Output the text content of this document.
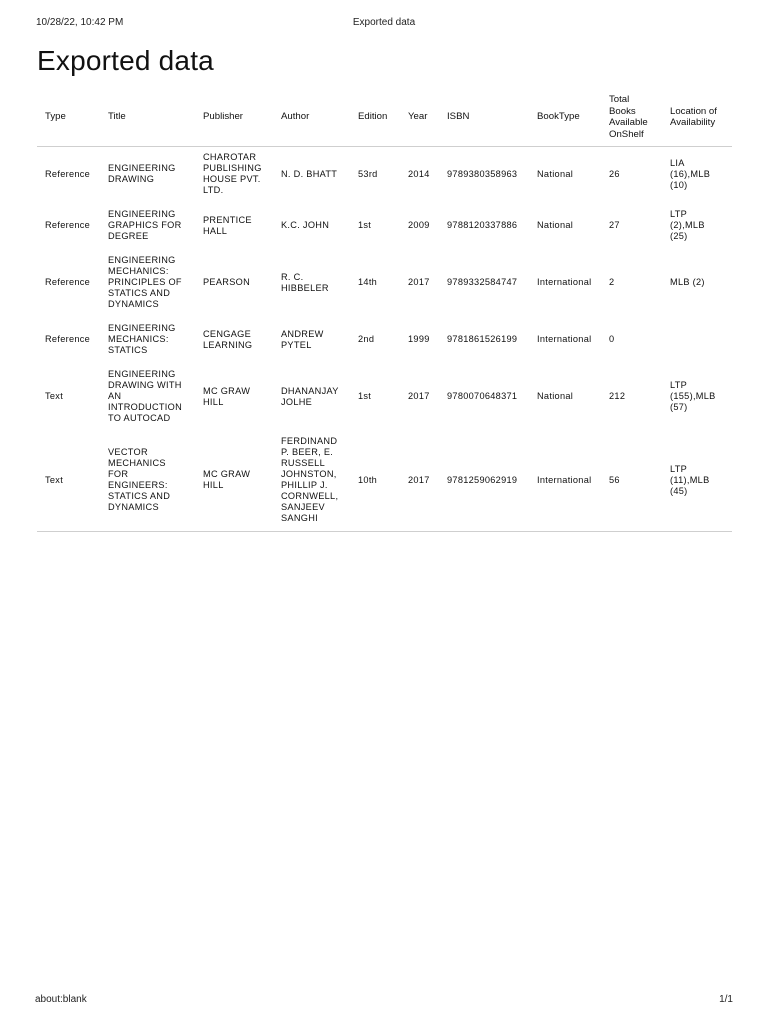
10/28/22, 10:42 PM	Exported data
Exported data
Type	Title	Publisher	Author	Edition	Year	ISBN	BookType	Total Books Available OnShelf	Location of Availability
Reference	ENGINEERING DRAWING	CHAROTAR PUBLISHING HOUSE PVT. LTD.	N. D. BHATT	53rd	2014	9789380358963	National	26	LIA (16),MLB (10)
Reference	ENGINEERING GRAPHICS FOR DEGREE	PRENTICE HALL	K.C. JOHN	1st	2009	9788120337886	National	27	LTP (2),MLB (25)
Reference	ENGINEERING MECHANICS: PRINCIPLES OF STATICS AND DYNAMICS	PEARSON	R. C. HIBBELER	14th	2017	9789332584747	International	2	MLB (2)
Reference	ENGINEERING MECHANICS: STATICS	CENGAGE LEARNING	ANDREW PYTEL	2nd	1999	9781861526199	International	0	
Text	ENGINEERING DRAWING WITH AN INTRODUCTION TO AUTOCAD	MC GRAW HILL	DHANANJAY JOLHE	1st	2017	9780070648371	National	212	LTP (155),MLB (57)
Text	VECTOR MECHANICS FOR ENGINEERS: STATICS AND DYNAMICS	MC GRAW HILL	FERDINAND P. BEER, E. RUSSELL JOHNSTON, PHILLIP J. CORNWELL, SANJEEV SANGHI	10th	2017	9781259062919	International	56	LTP (11),MLB (45)
about:blank	1/1
